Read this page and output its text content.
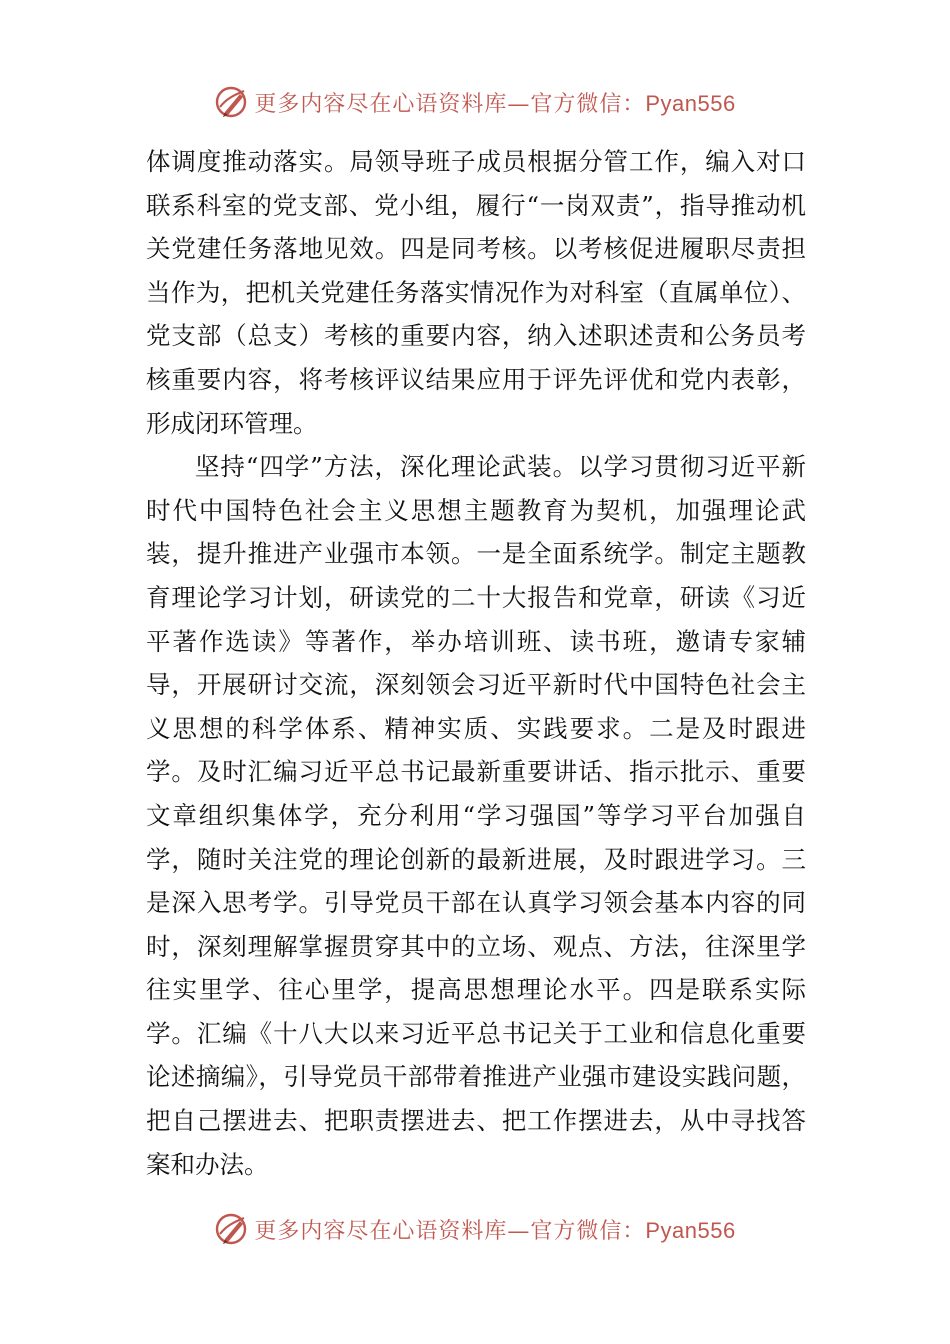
更多内容尽在心语资料库—官方微信：Pyan556

体调度推动落实。局领导班子成员根据分管工作，编入对口联系科室的党支部、党小组，履行“一岗双责”，指导推动机关党建任务落地见效。四是同考核。以考核促进履职尽责担当作为，把机关党建任务落实情况作为对科室（直属单位）、党支部（总支）考核的重要内容，纳入述职述责和公务员考核重要内容，将考核评议结果应用于评先评优和党内表彰，形成闭环管理。

坚持“四学”方法，深化理论武装。以学习贯彻习近平新时代中国特色社会主义思想主题教育为契机，加强理论武装，提升推进产业强市本领。一是全面系统学。制定主题教育理论学习计划，研读党的二十大报告和党章，研读《习近平著作选读》等著作，举办培训班、读书班，邀请专家辅导，开展研讨交流，深刻领会习近平新时代中国特色社会主义思想的科学体系、精神实质、实践要求。二是及时跟进学。及时汇编习近平总书记最新重要讲话、指示批示、重要文章组织集体学，充分利用“学习强国”等学习平台加强自学，随时关注党的理论创新的最新进展，及时跟进学习。三是深入思考学。引导党员干部在认真学习领会基本内容的同时，深刻理解掌握贯穿其中的立场、观点、方法，往深里学往实里学、往心里学，提高思想理论水平。四是联系实际学。汇编《十八大以来习近平总书记关于工业和信息化重要论述摘编》，引导党员干部带着推进产业强市建设实践问题，把自己摆进去、把职责摆进去、把工作摆进去，从中寻找答案和办法。

更多内容尽在心语资料库—官方微信：Pyan556
